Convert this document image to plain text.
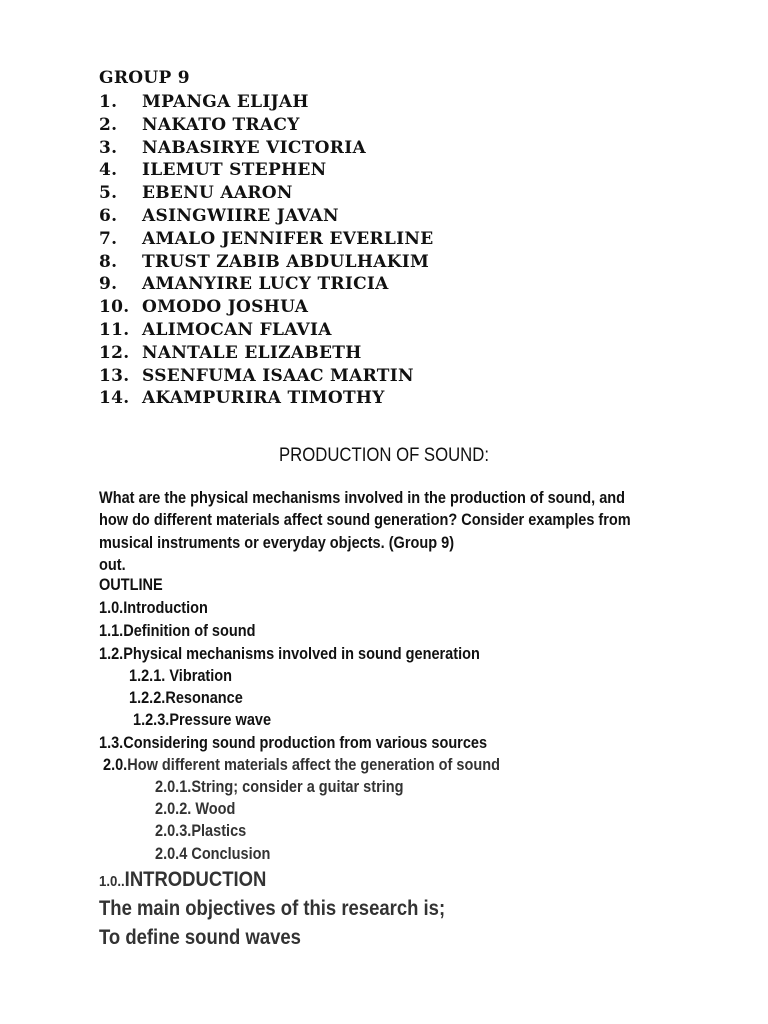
GROUP 9

1. MPANGA ELIJAH
2. NAKATO TRACY
3. NABASIRYE VICTORIA
4. ILEMUT STEPHEN
5. EBENU AARON
6. ASINGWIIRE JAVAN
7. AMALO JENNIFER EVERLINE
8. TRUST ZABIB ABDULHAKIM
9. AMANYIRE LUCY TRICIA
10. OMODO JOSHUA
11. ALIMOCAN FLAVIA
12. NANTALE ELIZABETH
13. SSENFUMA ISAAC MARTIN
14. AKAMPURIRA TIMOTHY

PRODUCTION OF SOUND:

What are the physical mechanisms involved in the production of sound, and
how do different materials affect sound generation? Consider examples from
musical instruments or everyday objects. (Group 9)
out.

OUTLINE

1.0.Introduction

1.1.Definition of sound

1.2.Physical mechanisms involved in sound generation

1.2.1. Vibration

1.2.2.Resonance

1.2.3.Pressure wave

1.3.Considering sound production from various sources

2.0.How different materials affect the generation of sound

2.0.1.String; consider a guitar string

2.0.2. Wood

2.0.3.Plastics

2.0.4 Conclusion

1.0..INTRODUCTION

The main objectives of this research is;

To define sound waves
